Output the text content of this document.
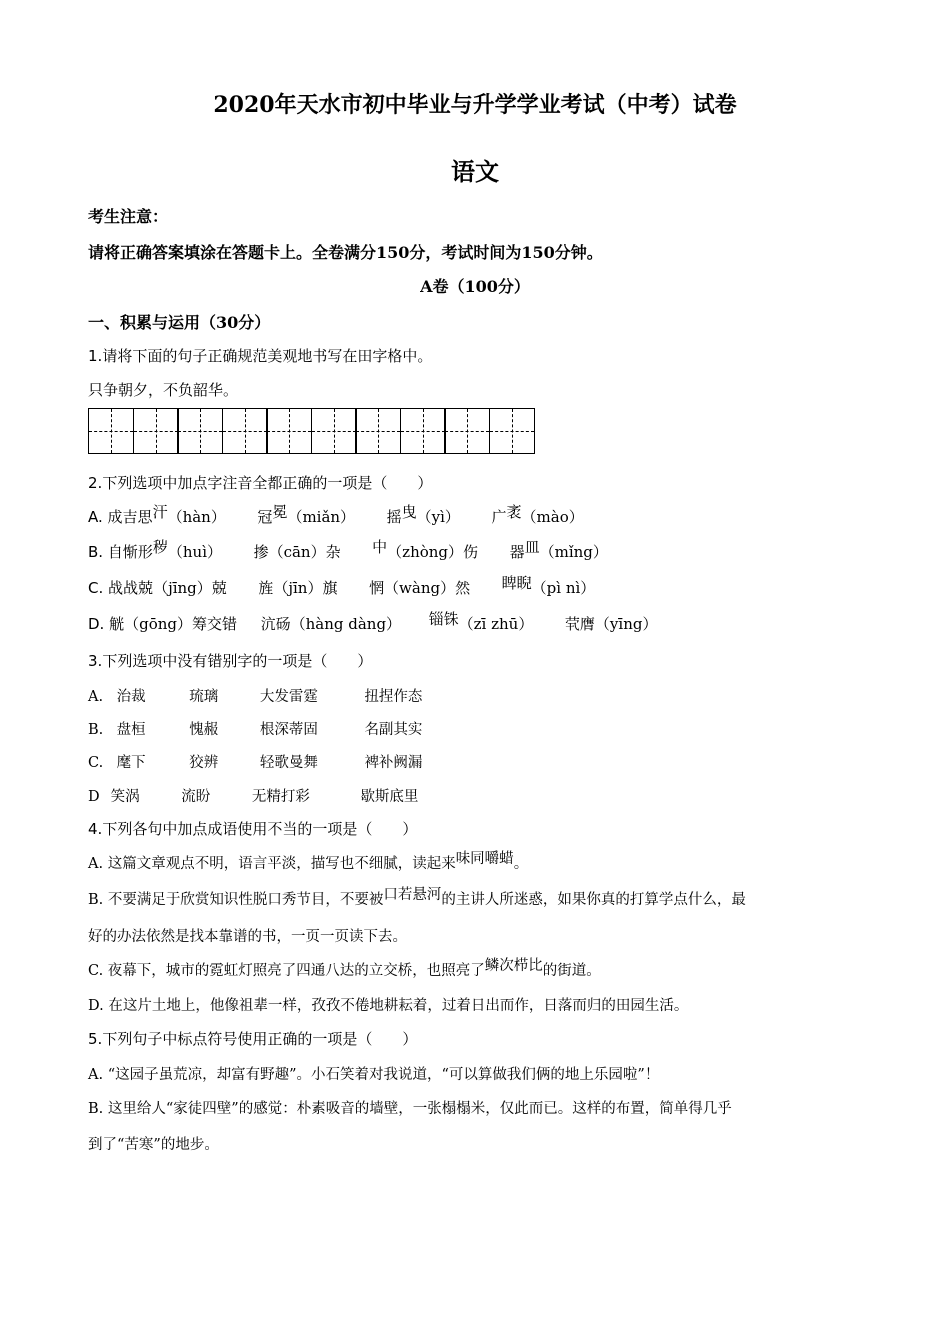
2020年天水市初中毕业与升学学业考试（中考）试卷
语文
考生注意：
请将正确答案填涂在答题卡上。全卷满分150分，考试时间为150分钟。
A卷（100分）
一、积累与运用（30分）
1.请将下面的句子正确规范美观地书写在田字格中。
只争朝夕，不负韶华。
2.下列选项中加点字注音全都正确的一项是（　　）
A. 成吉思汗（hàn） 冠冕（miǎn） 摇曳（yì） 广袤（mào）
B. 自惭形秽（huì） 掺（cān）杂 中（zhòng）伤 器皿（mǐng）
C. 战战兢（jīng）兢 旌（jīn）旗 惘（wàng）然 睥睨（pì nì）
D. 觥（gōng）筹交错 沆砀（hàng dàng） 锱铢（zī zhū） 茕膺（yīng）
3.下列选项中没有错别字的一项是（　　）
A. 治裁	琉璃	大发雷霆	扭捏作态
B. 盘桓	愧赧	根深蒂固	名副其实
C. 麾下	狡辨	轻歌曼舞	裨补阙漏
D 笑涡	流盼	无精打彩	歇斯底里
4.下列各句中加点成语使用不当的一项是（　　）
A. 这篇文章观点不明，语言平淡，描写也不细腻，读起来味同嚼蜡。
B. 不要满足于欣赏知识性脱口秀节目，不要被口若悬河的主讲人所迷惑，如果你真的打算学点什么，最
好的办法依然是找本靠谱的书，一页一页读下去。
C. 夜幕下，城市的霓虹灯照亮了四通八达的立交桥，也照亮了鳞次栉比的街道。
D. 在这片土地上，他像祖辈一样，孜孜不倦地耕耘着，过着日出而作，日落而归的田园生活。
5.下列句子中标点符号使用正确的一项是（　　）
A. “这园子虽荒凉，却富有野趣”。小石笑着对我说道，“可以算做我们俩的地上乐园啦”！
B. 这里给人“家徒四壁”的感觉：朴素吸音的墙壁，一张榻榻米，仅此而已。这样的布置，简单得几乎
到了“苦寒”的地步。
